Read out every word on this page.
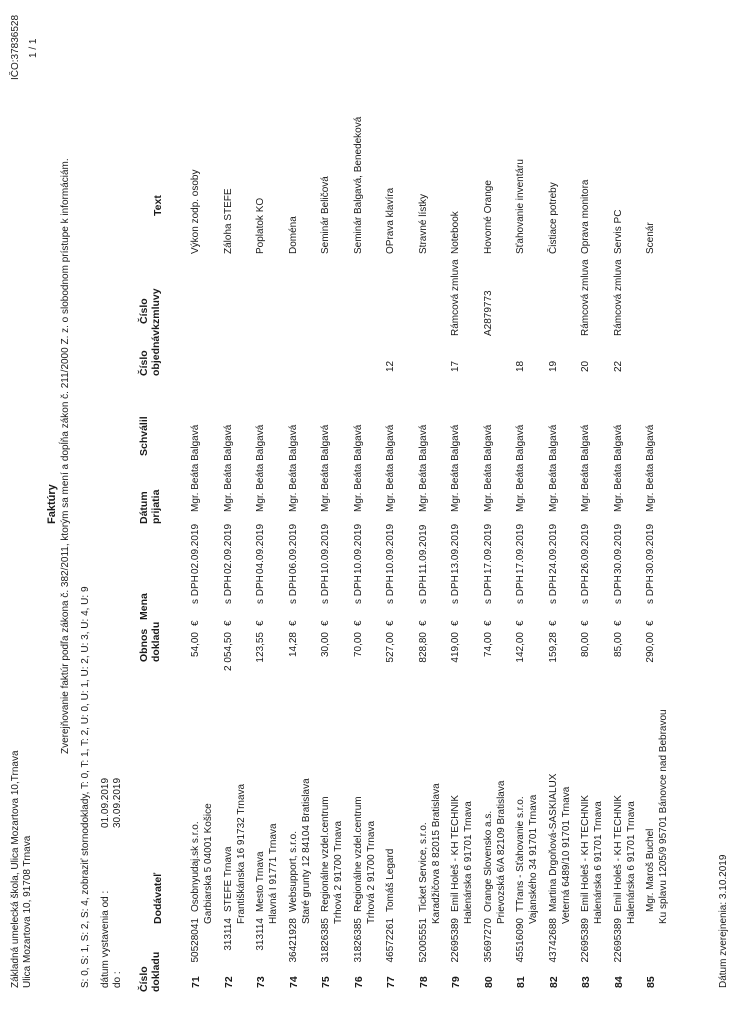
Základná umelecká škola, Ulica Mozartova 10,Trnava Ulica Mozartova 10, 91708 Trnava
IČO:37836528 1 / 1
Faktúry Zverejňovanie faktúr podľa zákona č. 382/2011, ktorým sa mení a dopĺňa zákon č. 211/2000 Z. z. o slobodnom prístupe k informáciám.
S: 0, S: 1, S: 2, S: 4, zobraziť stornodoklady, T: 0, T: 1, T: 2, U: 0, U: 1, U: 2, U: 3, U: 4, U: 9 dátum vystavenia od :
01.09.2019
do :
30.09.2019
Číslo dokladu
Dodávateľ
Obnos dokladu
Mena
Dátum prijatia
Schválil
Číslo objednávk
Číslo zmluvy
Text
71
50528041
Osobnyudaj.sk s.r.o. Garbiarska 5 04001 Košice
54,00
€
s DPH
02.09.2019
Mgr. Beáta Balgavá
Výkon zodp. osoby
72
313114
STEFE Trnava Františkánska 16 91732 Trnava
2 054,50
€
s DPH
02.09.2019
Mgr. Beáta Balgavá
Záloha STEFE
73
313114
Mesto Trnava Hlavná I 91771 Trnava
123,55
€
s DPH
04.09.2019
Mgr. Beáta Balgavá
Poplatok KO
74
36421928
Websupport, s.r.o. Staré grunty 12 84104 Bratislava
14,28
€
s DPH
06.09.2019
Mgr. Beáta Balgavá
Doména
75
31826385
Regionálne vzdel.centrum Trhová 2 91700 Trnava
30,00
€
s DPH
10.09.2019
Mgr. Beáta Balgavá
Seminár Beličová
76
31826385
Regionálne vzdel.centrum Trhová 2 91700 Trnava
70,00
€
s DPH
10.09.2019
Mgr. Beáta Balgavá
Seminár Balgavá, Benedeková
77
46572261
Tomáš Legard
527,00
€
s DPH
10.09.2019
Mgr. Beáta Balgavá
12
OPrava klavíra
78
52005551
Ticket Service, s.r.o. Karadžičova 8 82015 Bratislava
828,80
€
s DPH
11.09.2019
Mgr. Beáta Balgavá
Stravné lístky
79
22695389
Emil Holeš - KH TECHNIK Halenárska 6 91701 Trnava
419,00
€
s DPH
13.09.2019
Mgr. Beáta Balgavá
17
Rámcová zmluva
Notebook
80
35697270
Orange Slovensko a.s. Prievozská 6/A 82109 Bratislava
74,00
€
s DPH
17.09.2019
Mgr. Beáta Balgavá
A2879773
Hovorné Orange
81
45516090
TTrans - Sťahovanie s.r.o. Vajanského 34 91701 Trnava
142,00
€
s DPH
17.09.2019
Mgr. Beáta Balgavá
18
Sťahovanie inventáru
82
43742688
Martina Drgoňová-SASKIALUX Veterná 6489/10 91701 Trnava
159,28
€
s DPH
24.09.2019
Mgr. Beáta Balgavá
19
Čistiace potreby
83
22695389
Emil Holeš - KH TECHNIK Halenárska 6 91701 Trnava
80,00
€
s DPH
26.09.2019
Mgr. Beáta Balgavá
20
Rámcová zmluva
Oprava monitora
84
22695389
Emil Holeš - KH TECHNIK Halenárska 6 91701 Trnava
85,00
€
s DPH
30.09.2019
Mgr. Beáta Balgavá
22
Rámcová zmluva
Servis PC
85
Mgr. Maroš Buchel Ku splavu 1205/9 95701 Bánovce nad Bebravou
290,00
€
s DPH
30.09.2019
Mgr. Beáta Balgavá
Scenár
Dátum zverejnenia: 3.10.2019
